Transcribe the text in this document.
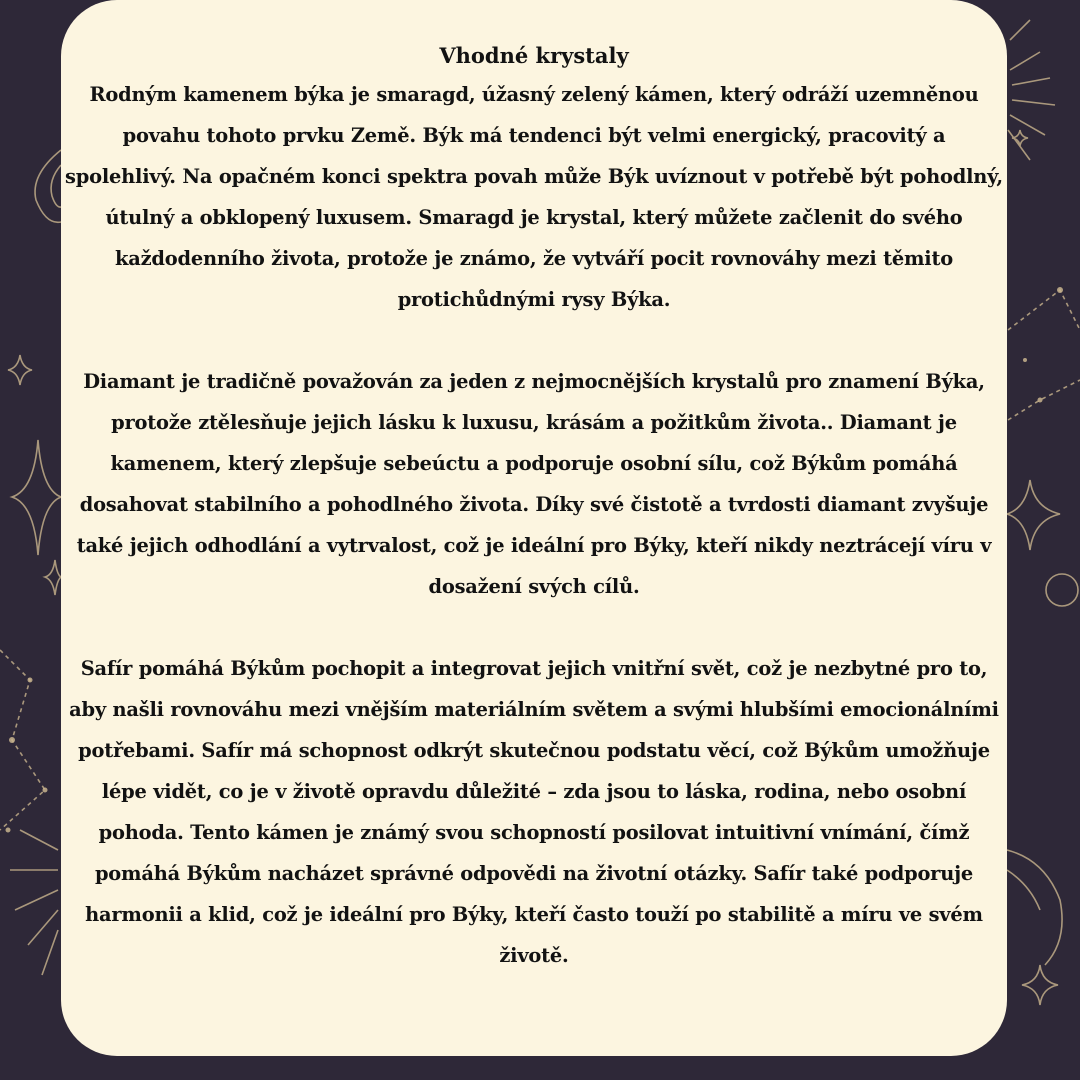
Vhodné krystaly

Rodným kamenem býka je smaragd, úžasný zelený kámen, který odráží uzemněnou povahu tohoto prvku Země. Býk má tendenci být velmi energický, pracovitý a spolehlivý. Na opačném konci spektra povah může Býk uvíznout v potřebě být pohodlný, útulný a obklopený luxusem. Smaragd je krystal, který můžete začlenit do svého každodenního života, protože je známo, že vytváří pocit rovnováhy mezi těmito protichůdnými rysy Býka.

Diamant je tradičně považován za jeden z nejmocnějších krystalů pro znamení Býka, protože ztělesňuje jejich lásku k luxusu, krásám a požitkům života.. Diamant je kamenem, který zlepšuje sebeúctu a podporuje osobní sílu, což Býkům pomáhá dosahovat stabilního a pohodlného života. Díky své čistotě a tvrdosti diamant zvyšuje také jejich odhodlání a vytrvalost, což je ideální pro Býky, kteří nikdy neztrácejí víru v dosažení svých cílů.

Safír pomáhá Býkům pochopit a integrovat jejich vnitřní svět, což je nezbytné pro to, aby našli rovnováhu mezi vnějším materiálním světem a svými hlubšími emocionálními potřebami. Safír má schopnost odkrýt skutečnou podstatu věcí, což Býkům umožňuje lépe vidět, co je v životě opravdu důležité – zda jsou to láska, rodina, nebo osobní pohoda. Tento kámen je známý svou schopností posilovat intuitivní vnímání, čímž pomáhá Býkům nacházet správné odpovědi na životní otázky. Safír také podporuje harmonii a klid, což je ideální pro Býky, kteří často touží po stabilitě a míru ve svém životě.
